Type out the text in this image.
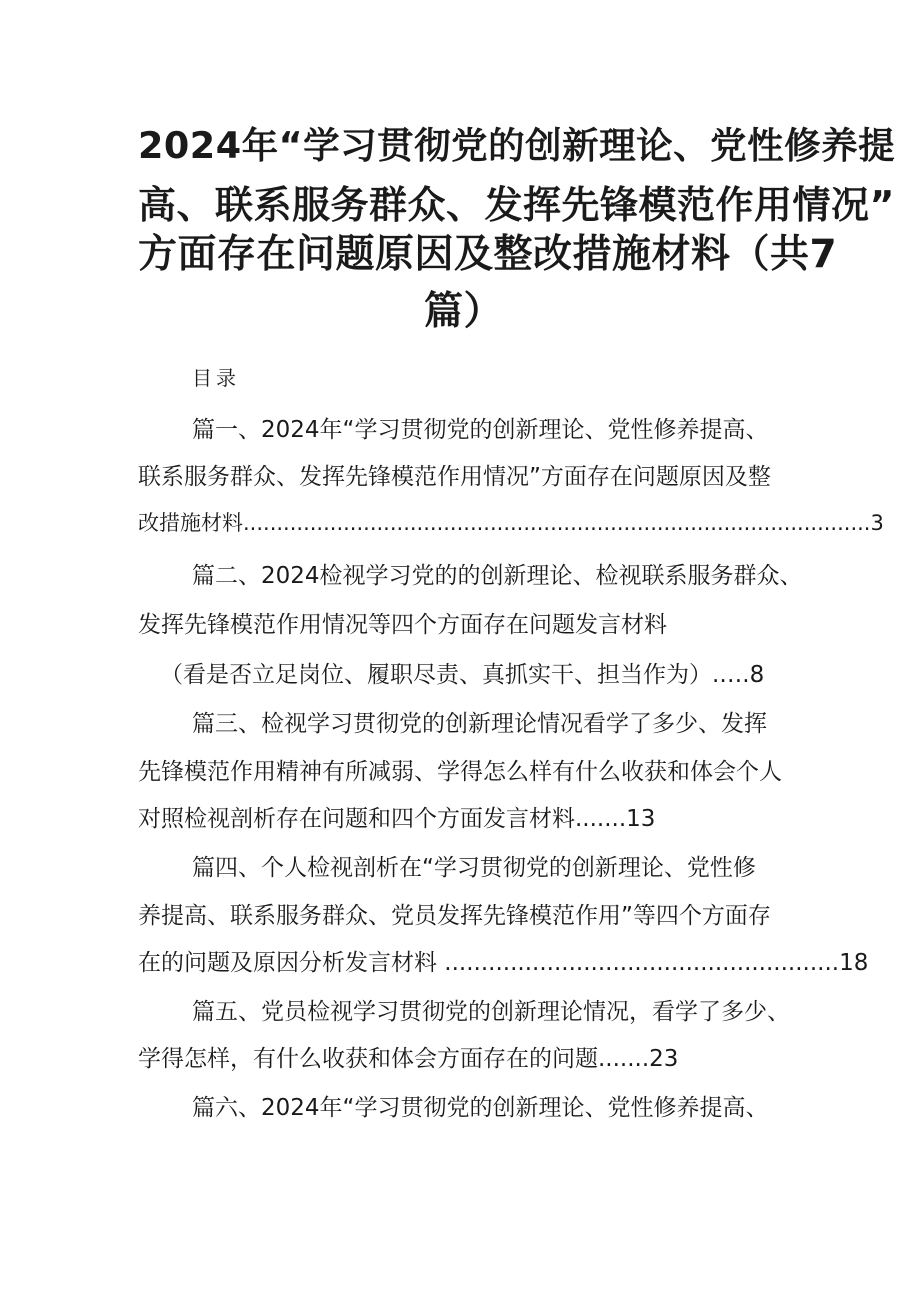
2024年“学习贯彻党的创新理论、党性修养提
高、联系服务群众、发挥先锋模范作用情况”
方面存在问题原因及整改措施材料（共7
篇）
目录
篇一、2024年“学习贯彻党的创新理论、党性修养提高、
联系服务群众、发挥先锋模范作用情况”方面存在问题原因及整
改措施材料..............................................................................................3
篇二、2024检视学习党的的创新理论、检视联系服务群众、
发挥先锋模范作用情况等四个方面存在问题发言材料
（看是否立足岗位、履职尽责、真抓实干、担当作为）.….8
篇三、检视学习贯彻党的创新理论情况看学了多少、发挥
先锋模范作用精神有所减弱、学得怎么样有什么收获和体会个人
对照检视剖析存在问题和四个方面发言材料.......13
篇四、个人检视剖析在“学习贯彻党的创新理论、党性修
养提高、联系服务群众、党员发挥先锋模范作用”等四个方面存
在的问题及原因分析发言材料 ......................................................18
篇五、党员检视学习贯彻党的创新理论情况，看学了多少、
学得怎样，有什么收获和体会方面存在的问题.......23
篇六、2024年“学习贯彻党的创新理论、党性修养提高、
